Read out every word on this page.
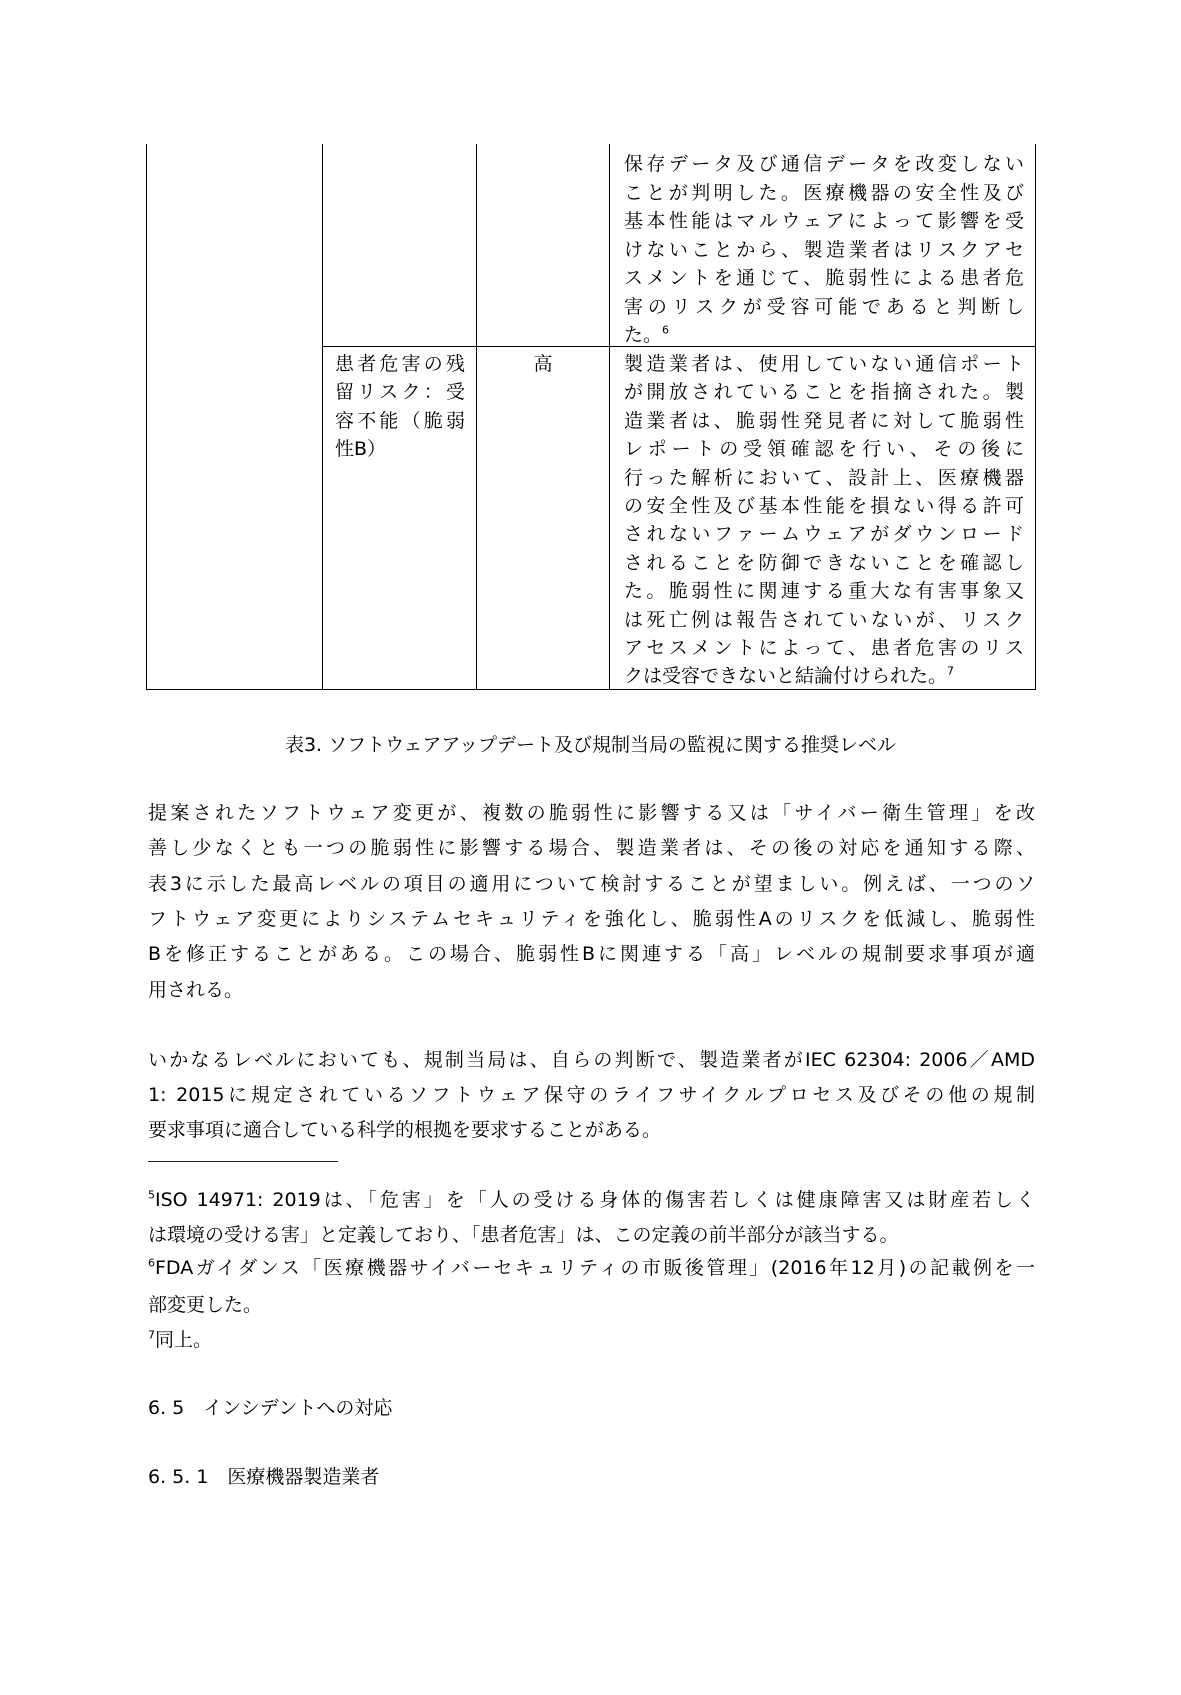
高
表3. ソフトウェアアップデート及び規制当局の監視に関する推奨レベル
6. 5　インシデントへの対応
6. 5. 1　医療機器製造業者
保存データ及び通信データを改変しない
ことが判明した。医療機器の安全性及び
基本性能はマルウェアによって影響を受
けないことから、製造業者はリスクアセ
スメントを通じて、脆弱性による患者危
害のリスクが受容可能であると判断し
た。$^6$
患者危害の残
留リスク：受
容不能（脆弱
性B）
製造業者は、使用していない通信ポート
が開放されていることを指摘された。製
造業者は、脆弱性発見者に対して脆弱性
レポートの受領確認を行い、その後に
行った解析において、設計上、医療機器
の安全性及び基本性能を損ない得る許可
されないファームウェアがダウンロード
されることを防御できないことを確認し
た。脆弱性に関連する重大な有害事象又
は死亡例は報告されていないが、リスク
アセスメントによって、患者危害のリス
クは受容できないと結論付けられた。$^7$
提案されたソフトウェア変更が、複数の脆弱性に影響する又は「サイバー衛生管理」を改
善し少なくとも一つの脆弱性に影響する場合、製造業者は、その後の対応を通知する際、
表3に示した最高レベルの項目の適用について検討することが望ましい。例えば、一つのソ
フトウェア変更によりシステムセキュリティを強化し、脆弱性Aのリスクを低減し、脆弱性
Bを修正することがある。この場合、脆弱性Bに関連する「高」レベルの規制要求事項が適
用される。
いかなるレベルにおいても、規制当局は、自らの判断で、製造業者がIEC 62304: 2006／AMD
1: 2015に規定されているソフトウェア保守のライフサイクルプロセス及びその他の規制
要求事項に適合している科学的根拠を要求することがある。
$^5$ISO 14971: 2019は、「危害」を「人の受ける身体的傷害若しくは健康障害又は財産若しく
は環境の受ける害」と定義しており、「患者危害」は、この定義の前半部分が該当する。
$^6$FDAガイダンス「医療機器サイバーセキュリティの市販後管理」(2016年12月)の記載例を一
部変更した。
$^7$同上。
